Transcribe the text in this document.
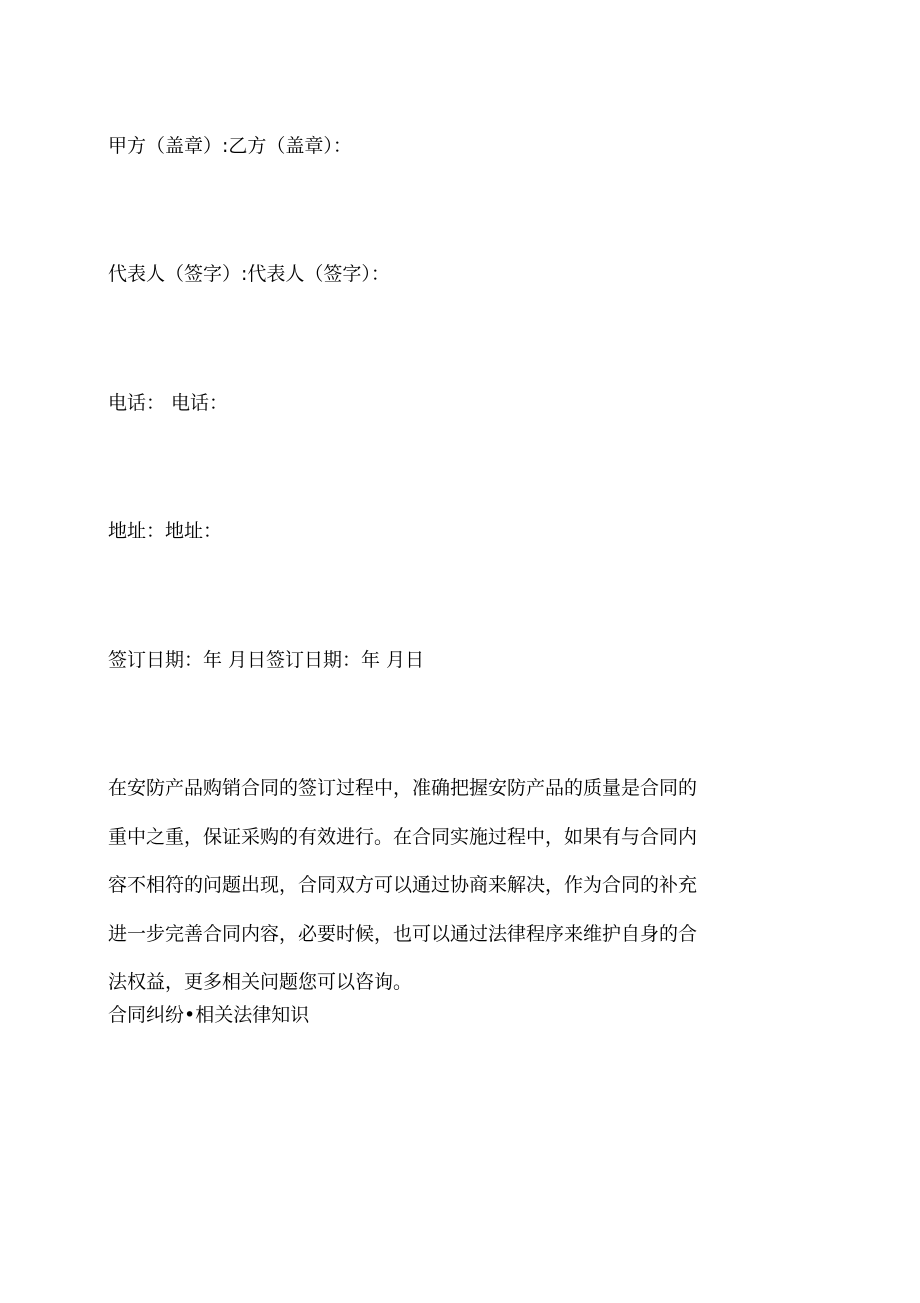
甲方（盖章）:乙方（盖章）：
代表人（签字）:代表人（签字）：
电话： 电话：
地址：地址：
签订日期：年 月日签订日期：年 月日
在安防产品购销合同的签订过程中，准确把握安防产品的质量是合同的
重中之重，保证采购的有效进行。在合同实施过程中，如果有与合同内
容不相符的问题出现，合同双方可以通过协商来解决，作为合同的补充
进一步完善合同内容，必要时候，也可以通过法律程序来维护自身的合
法权益，更多相关问题您可以咨询。
合同纠纷•相关法律知识
